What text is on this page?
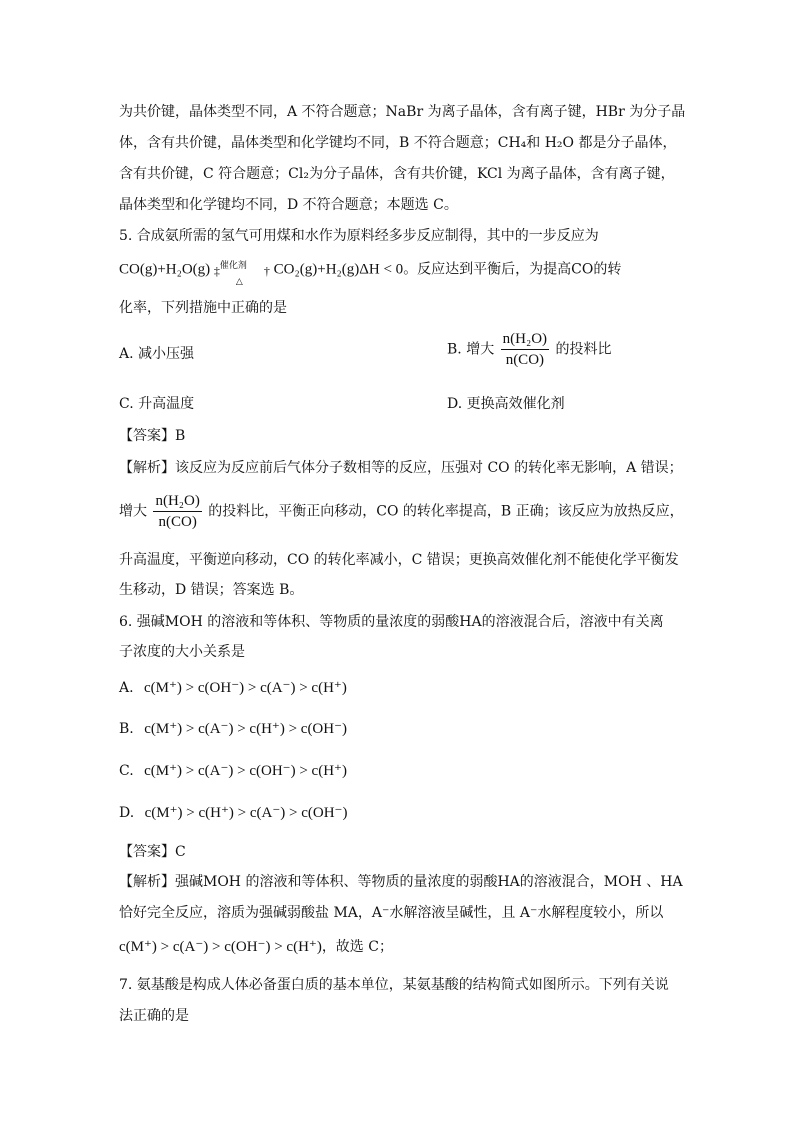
为共价键，晶体类型不同，A 不符合题意；NaBr 为离子晶体，含有离子键，HBr 为分子晶
体，含有共价键，晶体类型和化学键均不同，B 不符合题意；CH₄和 H₂O 都是分子晶体，
含有共价键，C 符合题意；Cl₂为分子晶体，含有共价键，KCl 为离子晶体，含有离子键，
晶体类型和化学键均不同，D 不符合题意；本题选 C。
5. 合成氨所需的氢气可用煤和水作为原料经多步反应制得，其中的一步反应为
CO(g)+H₂O(g) ‡ 催化剂
△
† CO₂(g)+H₂(g)ΔH < 0。反应达到平衡后，为提高CO的转
化率，下列措施中正确的是
A. 减小压强	B. 增大 $\frac{\text{n(H₂O)}}{n(CO)}$ 的投料比
C. 升高温度	D. 更换高效催化剂
【答案】B
【解析】该反应为反应前后气体分子数相等的反应，压强对 CO 的转化率无影响，A 错误；
增大 $\frac{\text{n(H₂O)}}{n(CO)}$ 的投料比，平衡正向移动，CO 的转化率提高，B 正确；该反应为放热反应，
升高温度，平衡逆向移动，CO 的转化率减小，C 错误；更换高效催化剂不能使化学平衡发
生移动，D 错误；答案选 B。
6. 强碱MOH 的溶液和等体积、等物质的量浓度的弱酸HA的溶液混合后，溶液中有关离
子浓度的大小关系是
A. c(M⁺) > c(OH⁻) > c(A⁻) > c(H⁺)
B. c(M⁺) > c(A⁻) > c(H⁺) > c(OH⁻)
C. c(M⁺) > c(A⁻) > c(OH⁻) > c(H⁺)
D. c(M⁺) > c(H⁺) > c(A⁻) > c(OH⁻)
【答案】C
【解析】强碱MOH 的溶液和等体积、等物质的量浓度的弱酸HA的溶液混合，MOH 、HA
恰好完全反应，溶质为强碱弱酸盐 MA，A⁻水解溶液呈碱性，且 A⁻水解程度较小，所以
c(M⁺) > c(A⁻) > c(OH⁻) > c(H⁺)，故选 C；
7. 氨基酸是构成人体必备蛋白质的基本单位，某氨基酸的结构简式如图所示。下列有关说
法正确的是
